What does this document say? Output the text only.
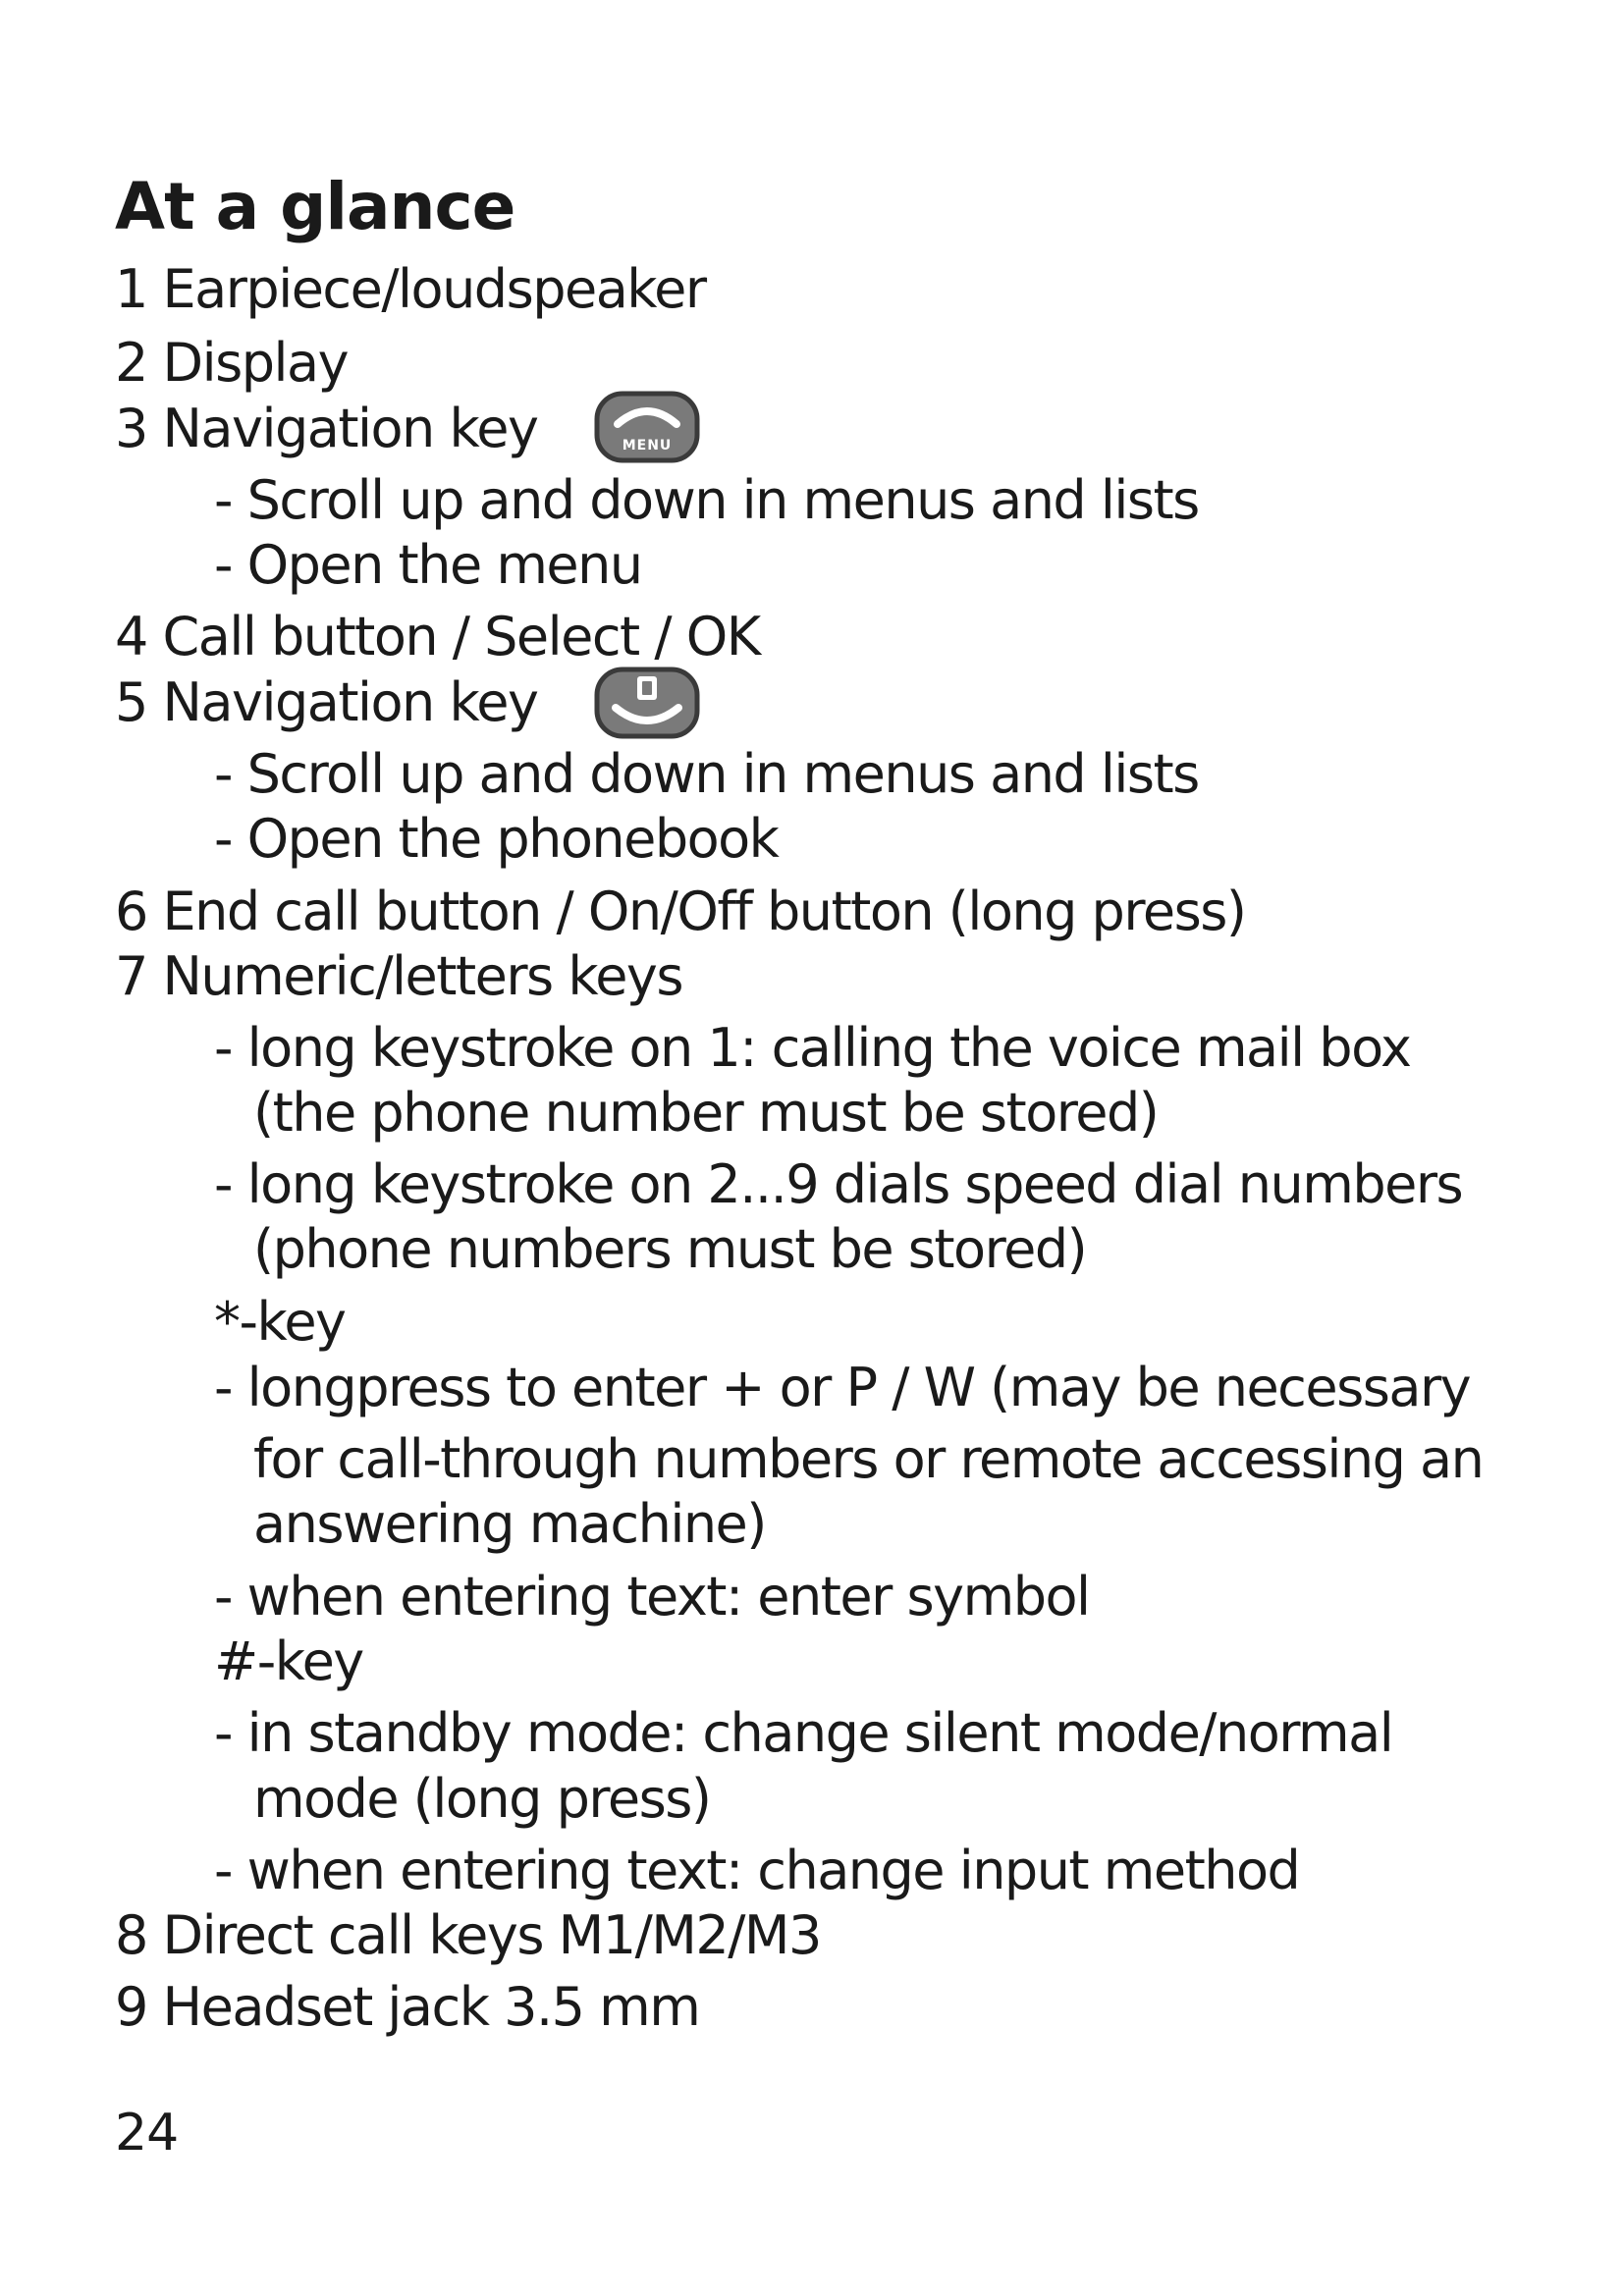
At a glance
1 Earpiece/loudspeaker
2 Display
3 Navigation key	MENU
- Scroll up and down in menus and lists
- Open the menu
4 Call button / Select / OK
5 Navigation key
- Scroll up and down in menus and lists
- Open the phonebook
6 End call button / On/Off button (long press)
7 Numeric/letters keys
- long keystroke on 1: calling the voice mail box
(the phone number must be stored)
- long keystroke on 2...9 dials speed dial numbers
(phone numbers must be stored)
*-key
- longpress to enter + or P / W (may be necessary
for call-through numbers or remote accessing an
answering machine)
- when entering text: enter symbol
#-key
- in standby mode: change silent mode/normal
mode (long press)
- when entering text: change input method
8 Direct call keys M1/M2/M3
9 Headset jack 3.5 mm
24
